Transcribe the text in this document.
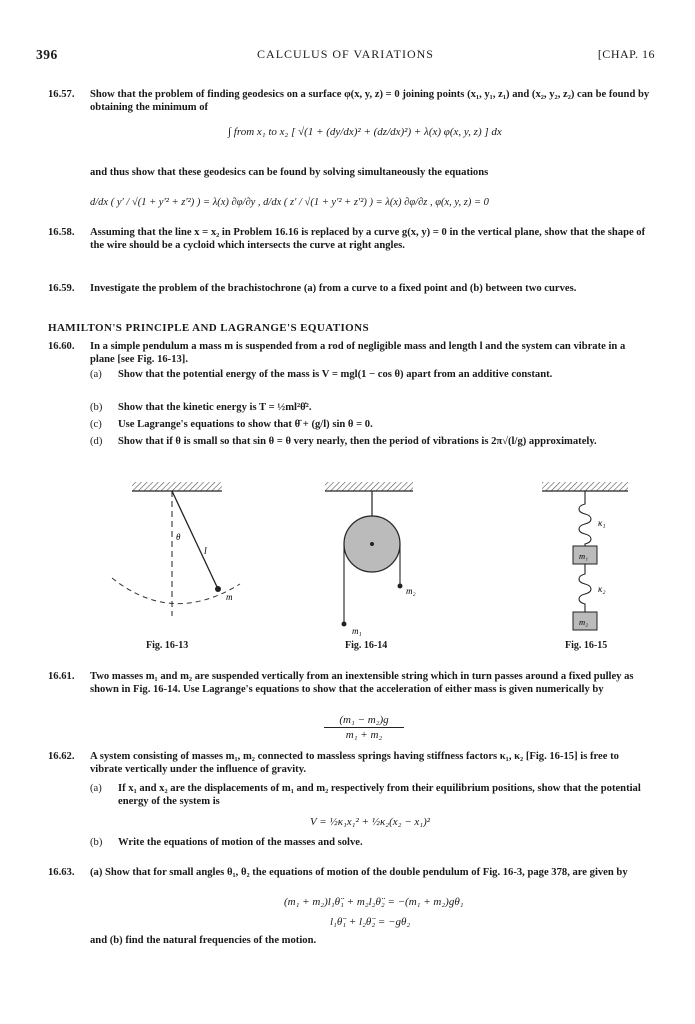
396	CALCULUS OF VARIATIONS	[CHAP. 16
16.57. Show that the problem of finding geodesics on a surface φ(x, y, z) = 0 joining points (x₁, y₁, z₁) and (x₂, y₂, z₂) can be found by obtaining the minimum of
∫ from x₁ to x₂ [ √(1 + (dy/dx)² + (dz/dx)²) + λ(x) φ(x, y, z) ] dx
and thus show that these geodesics can be found by solving simultaneously the equations
d/dx ( y′ / √(1 + y′² + z′²) ) = λ(x) ∂φ/∂y , d/dx ( z′ / √(1 + y′² + z′²) ) = λ(x) ∂φ/∂z , φ(x, y, z) = 0
16.58. Assuming that the line x = x₂ in Problem 16.16 is replaced by a curve g(x, y) = 0 in the vertical plane, show that the shape of the wire should be a cycloid which intersects the curve at right angles.
16.59. Investigate the problem of the brachistochrone (a) from a curve to a fixed point and (b) between two curves.
HAMILTON'S PRINCIPLE AND LAGRANGE'S EQUATIONS
16.60. In a simple pendulum a mass m is suspended from a rod of negligible mass and length l and the system can vibrate in a plane [see Fig. 16-13].
(a) Show that the potential energy of the mass is V = mgl(1 − cos θ) apart from an additive constant.
(b) Show that the kinetic energy is T = ½ml²θ̇².
(c) Use Lagrange's equations to show that θ̈ + (g/l) sin θ = 0.
(d) Show that if θ is small so that sin θ = θ very nearly, then the period of vibrations is 2π√(l/g) approximately.
θ
l
m
m₁
m₂
κ₁
κ₂
m₁
m₂
Fig. 16-13	Fig. 16-14	Fig. 16-15
16.61. Two masses m₁ and m₂ are suspended vertically from an inextensible string which in turn passes around a fixed pulley as shown in Fig. 16-14. Use Lagrange's equations to show that the acceleration of either mass is given numerically by
(m₁ − m₂)g
m₁ + m₂
16.62. A system consisting of masses m₁, m₂ connected to massless springs having stiffness factors κ₁, κ₂ [Fig. 16-15] is free to vibrate vertically under the influence of gravity.
(a) If x₁ and x₂ are the displacements of m₁ and m₂ respectively from their equilibrium positions, show that the potential energy of the system is
V = ½κ₁x₁² + ½κ₂(x₂ − x₁)²
(b) Write the equations of motion of the masses and solve.
16.63. (a) Show that for small angles θ₁, θ₂ the equations of motion of the double pendulum of Fig. 16-3, page 378, are given by
(m₁ + m₂)l₁θ̈₁ + m₂l₂θ̈₂ = −(m₁ + m₂)gθ₁
l₁θ̈₁ + l₂θ̈₂ = −gθ₂
and (b) find the natural frequencies of the motion.
